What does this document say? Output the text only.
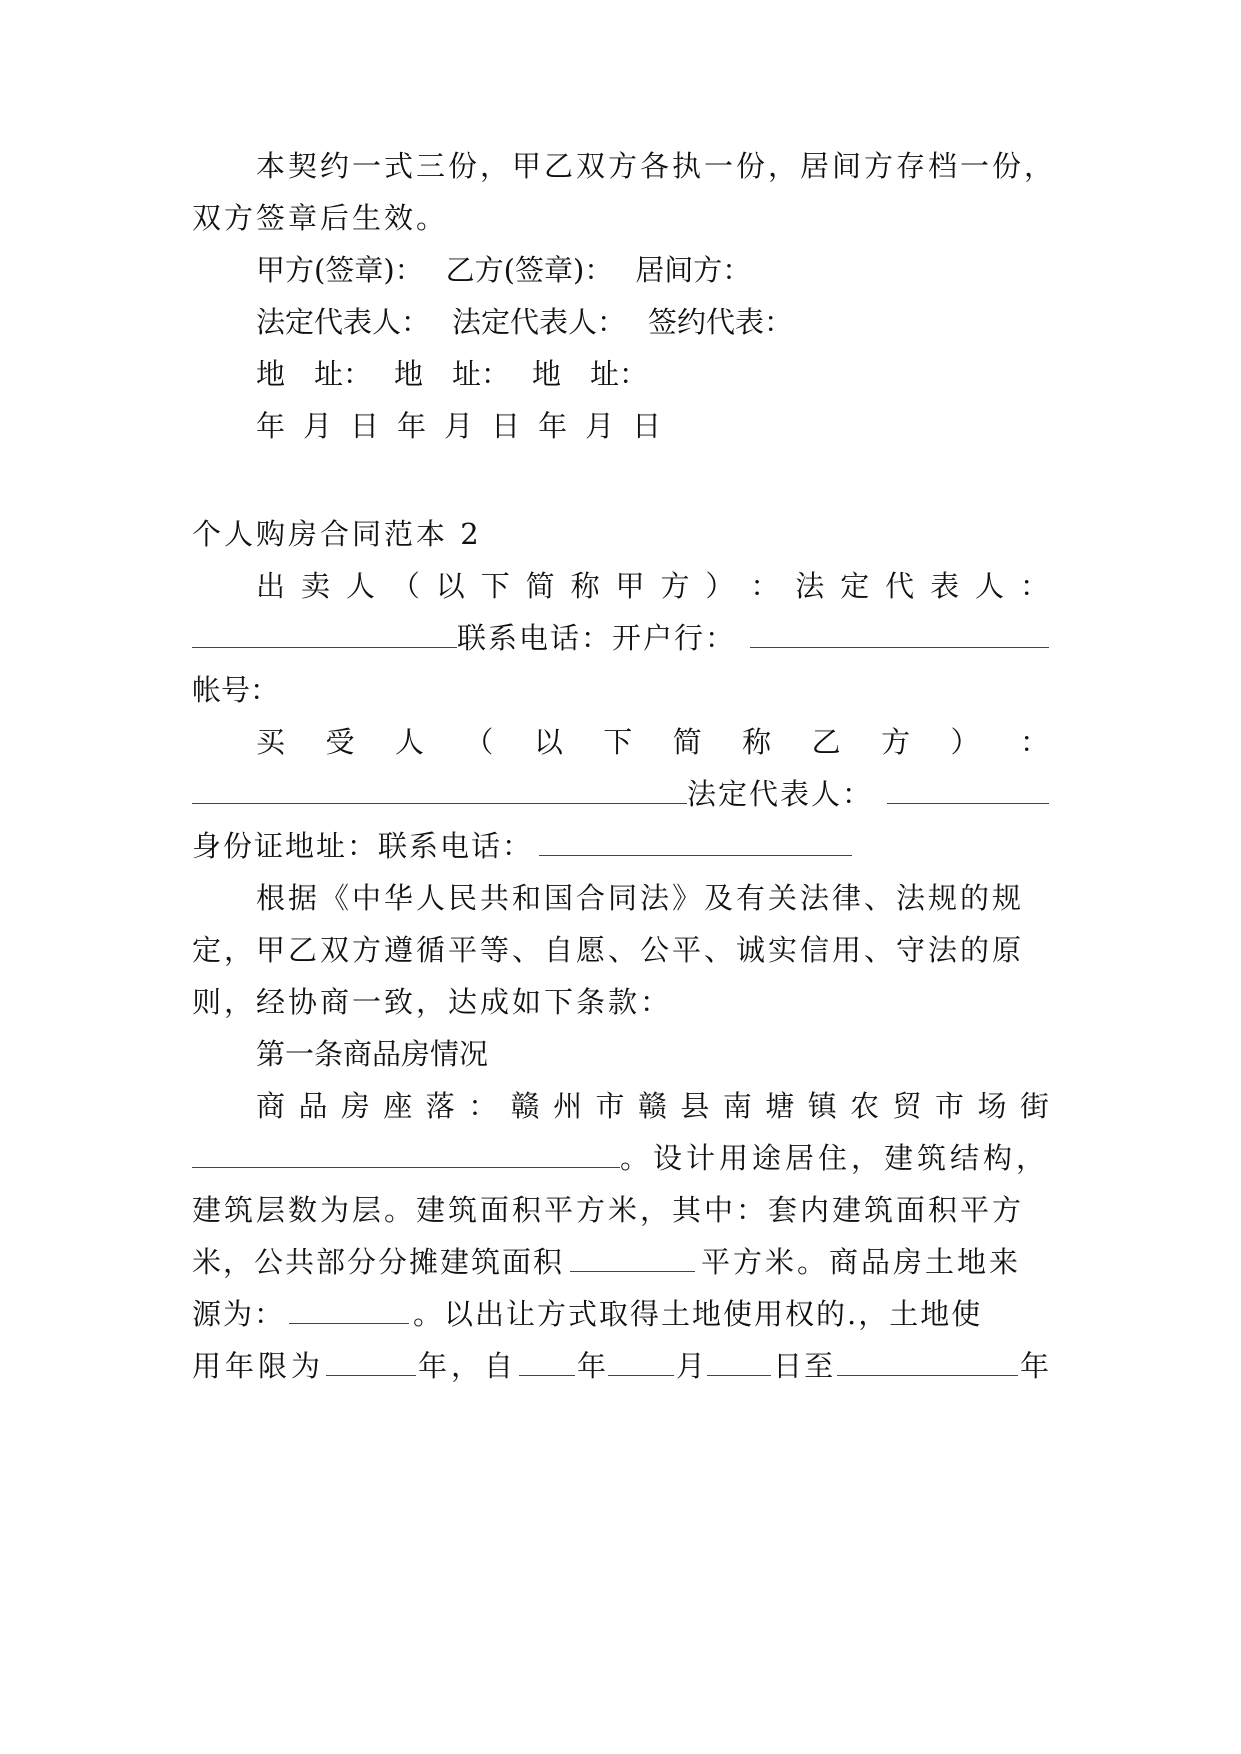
本契约一式三份，甲乙双方各执一份，居间方存档一份，
双方签章后生效。
甲方(签章)： 乙方(签章)： 居间方：
法定代表人： 法定代表人： 签约代表：
地　址： 地　址： 地　址：
年 月 日 年 月 日 年 月 日
个人购房合同范本 2
出 卖 人 （ 以 下 简 称 甲 方 ） ： 法 定 代 表 人 ：
联系电话：开户行：
帐号：
买 受 人 （ 以 下 简 称 乙 方 ） ：
法定代表人：
身份证地址：联系电话：
根据《中华人民共和国合同法》及有关法律、法规的规
定，甲乙双方遵循平等、自愿、公平、诚实信用、守法的原
则，经协商一致，达成如下条款：
第一条商品房情况
商 品 房 座 落 ： 赣 州 市 赣 县 南 塘 镇 农 贸 市 场 街
。设计用途居住，建筑结构，
建筑层数为层。建筑面积平方米，其中：套内建筑面积平方
米，公共部分分摊建筑面积	平方米。商品房土地来
源为：	。以出让方式取得土地使用权的.，土地使
用年限为	年，自 年 月 日至	年
